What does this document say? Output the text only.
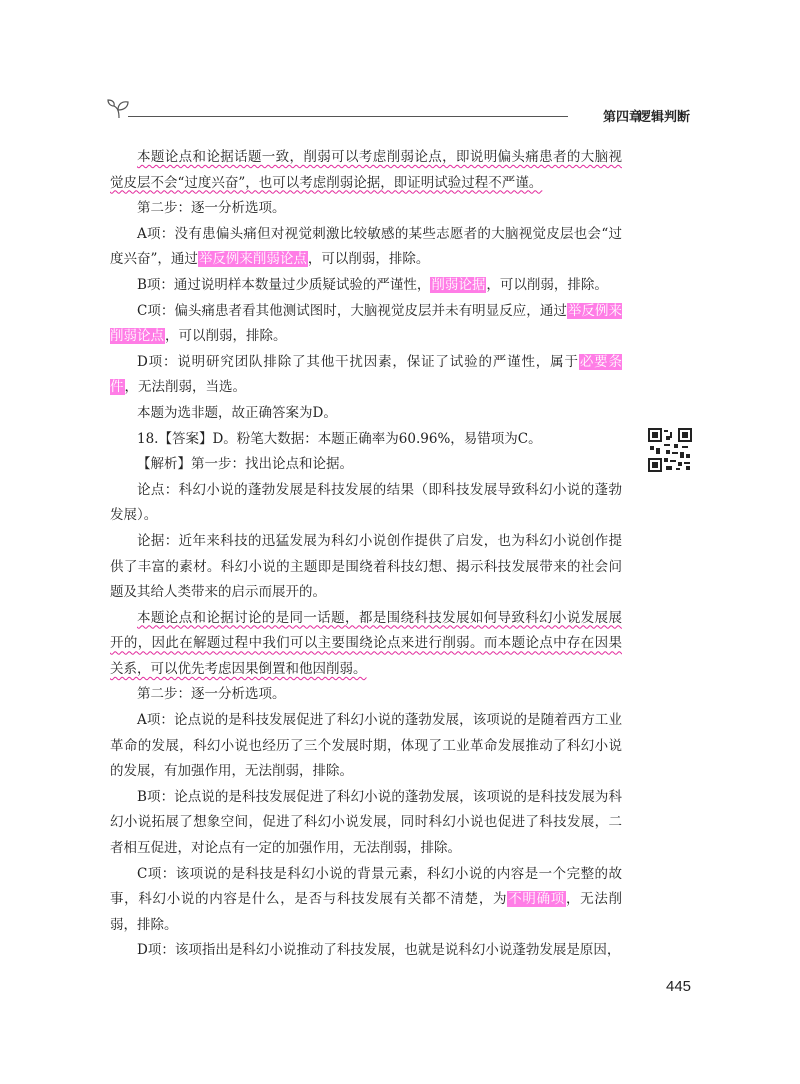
第四章
逻辑判断

本题论点和论据话题一致，削弱可以考虑削弱论点，即说明偏头痛患者的大脑视觉皮层不会“过度兴奋”，也可以考虑削弱论据，即证明试验过程不严谨。

第二步：逐一分析选项。

A项：没有患偏头痛但对视觉刺激比较敏感的某些志愿者的大脑视觉皮层也会“过度兴奋”，通过举反例来削弱论点，可以削弱，排除。

B项：通过说明样本数量过少质疑试验的严谨性，削弱论据，可以削弱，排除。

C项：偏头痛患者看其他测试图时，大脑视觉皮层并未有明显反应，通过举反例来削弱论点，可以削弱，排除。

D项：说明研究团队排除了其他干扰因素，保证了试验的严谨性，属于必要条件，无法削弱，当选。

本题为选非题，故正确答案为D。

18.【答案】D。粉笔大数据：本题正确率为60.96%，易错项为C。

【解析】第一步：找出论点和论据。

论点：科幻小说的蓬勃发展是科技发展的结果（即科技发展导致科幻小说的蓬勃发展）。

论据：近年来科技的迅猛发展为科幻小说创作提供了启发，也为科幻小说创作提供了丰富的素材。科幻小说的主题即是围绕着科技幻想、揭示科技发展带来的社会问题及其给人类带来的启示而展开的。

本题论点和论据讨论的是同一话题，都是围绕科技发展如何导致科幻小说发展展开的，因此在解题过程中我们可以主要围绕论点来进行削弱。而本题论点中存在因果关系，可以优先考虑因果倒置和他因削弱。

第二步：逐一分析选项。

A项：论点说的是科技发展促进了科幻小说的蓬勃发展，该项说的是随着西方工业革命的发展，科幻小说也经历了三个发展时期，体现了工业革命发展推动了科幻小说的发展，有加强作用，无法削弱，排除。

B项：论点说的是科技发展促进了科幻小说的蓬勃发展，该项说的是科技发展为科幻小说拓展了想象空间，促进了科幻小说发展，同时科幻小说也促进了科技发展，二者相互促进，对论点有一定的加强作用，无法削弱，排除。

C项：该项说的是科技是科幻小说的背景元素，科幻小说的内容是一个完整的故事，科幻小说的内容是什么，是否与科技发展有关都不清楚，为不明确项，无法削弱，排除。

D项：该项指出是科幻小说推动了科技发展，也就是说科幻小说蓬勃发展是原因，

445
